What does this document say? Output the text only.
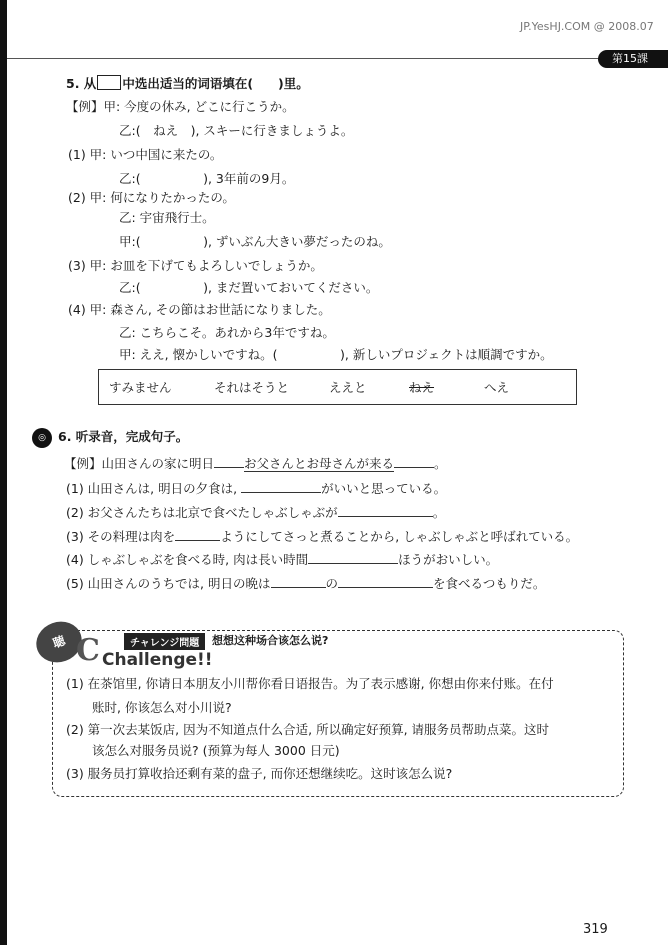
JP.YesHJ.COM @ 2008.07
第15課
5. 从 中选出适当的词语填在(　　)里。
【例】甲: 今度の休み, どこに行こうか。
乙:(　ねえ　), スキーに行きましょうよ。
(1) 甲: いつ中国に来たの。
乙:(　　　　　), 3年前の9月。
(2) 甲: 何になりたかったの。
乙: 宇宙飛行士。
甲:(　　　　　), ずいぶん大きい夢だったのね。
(3) 甲: お皿を下げてもよろしいでしょうか。
乙:(　　　　　), まだ置いておいてください。
(4) 甲: 森さん, その節はお世話になりました。
乙: こちらこそ。あれから3年ですね。
甲: ええ, 懐かしいですね。(　　　　　), 新しいプロジェクトは順調ですか。
すみません	それはそうと	ええと	ねえ	へえ
◎ 6. 听录音，完成句子。
【例】山田さんの家に明日 お父さんとお母さんが来る	。
(1) 山田さんは, 明日の夕食は,	がいいと思っている。
(2) お父さんたちは北京で食べたしゃぶしゃぶが	。
(3) その料理は肉を	ようにしてさっと煮ることから, しゃぶしゃぶと呼ばれている。
(4) しゃぶしゃぶを食べる時, 肉は長い時間	ほうがおいしい。
(5) 山田さんのうちでは, 明日の晩は	の	を食べるつもりだ。
聴 C Challenge!!
チャレンジ問題	想想这种场合该怎么说?
(1) 在茶馆里, 你请日本朋友小川帮你看日语报告。为了表示感谢, 你想由你来付账。在付
账时, 你该怎么对小川说?
(2) 第一次去某饭店, 因为不知道点什么合适, 所以确定好预算, 请服务员帮助点菜。这时
该怎么对服务员说? (预算为每人 3000 日元)
(3) 服务员打算收拾还剩有菜的盘子, 而你还想继续吃。这时该怎么说?
319
